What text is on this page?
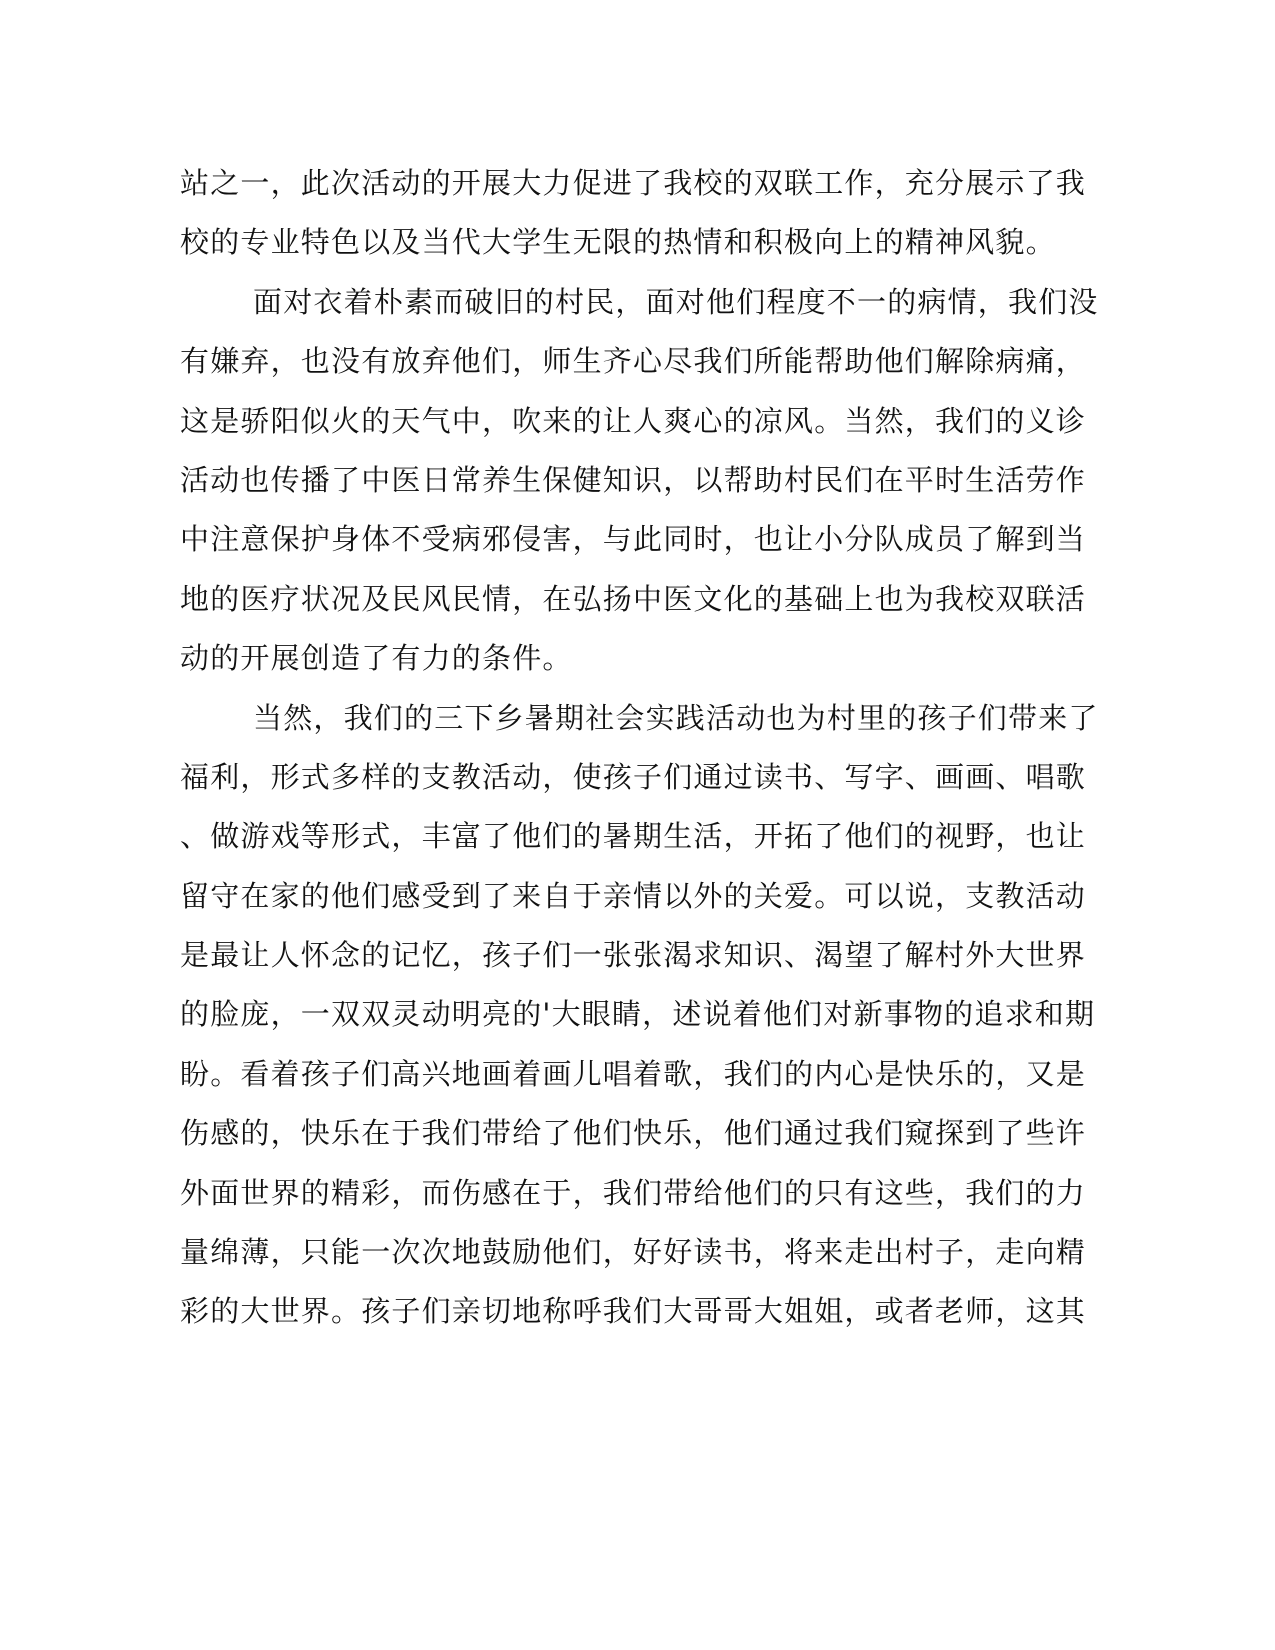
站之一，此次活动的开展大力促进了我校的双联工作，充分展示了我
校的专业特色以及当代大学生无限的热情和积极向上的精神风貌。
面对衣着朴素而破旧的村民，面对他们程度不一的病情，我们没
有嫌弃，也没有放弃他们，师生齐心尽我们所能帮助他们解除病痛，
这是骄阳似火的天气中，吹来的让人爽心的凉风。当然，我们的义诊
活动也传播了中医日常养生保健知识，以帮助村民们在平时生活劳作
中注意保护身体不受病邪侵害，与此同时，也让小分队成员了解到当
地的医疗状况及民风民情，在弘扬中医文化的基础上也为我校双联活
动的开展创造了有力的条件。
当然，我们的三下乡暑期社会实践活动也为村里的孩子们带来了
福利，形式多样的支教活动，使孩子们通过读书、写字、画画、唱歌
、做游戏等形式，丰富了他们的暑期生活，开拓了他们的视野，也让
留守在家的他们感受到了来自于亲情以外的关爱。可以说，支教活动
是最让人怀念的记忆，孩子们一张张渴求知识、渴望了解村外大世界
的脸庞，一双双灵动明亮的'大眼睛，述说着他们对新事物的追求和期
盼。看着孩子们高兴地画着画儿唱着歌，我们的内心是快乐的，又是
伤感的，快乐在于我们带给了他们快乐，他们通过我们窥探到了些许
外面世界的精彩，而伤感在于，我们带给他们的只有这些，我们的力
量绵薄，只能一次次地鼓励他们，好好读书，将来走出村子，走向精
彩的大世界。孩子们亲切地称呼我们大哥哥大姐姐，或者老师，这其
